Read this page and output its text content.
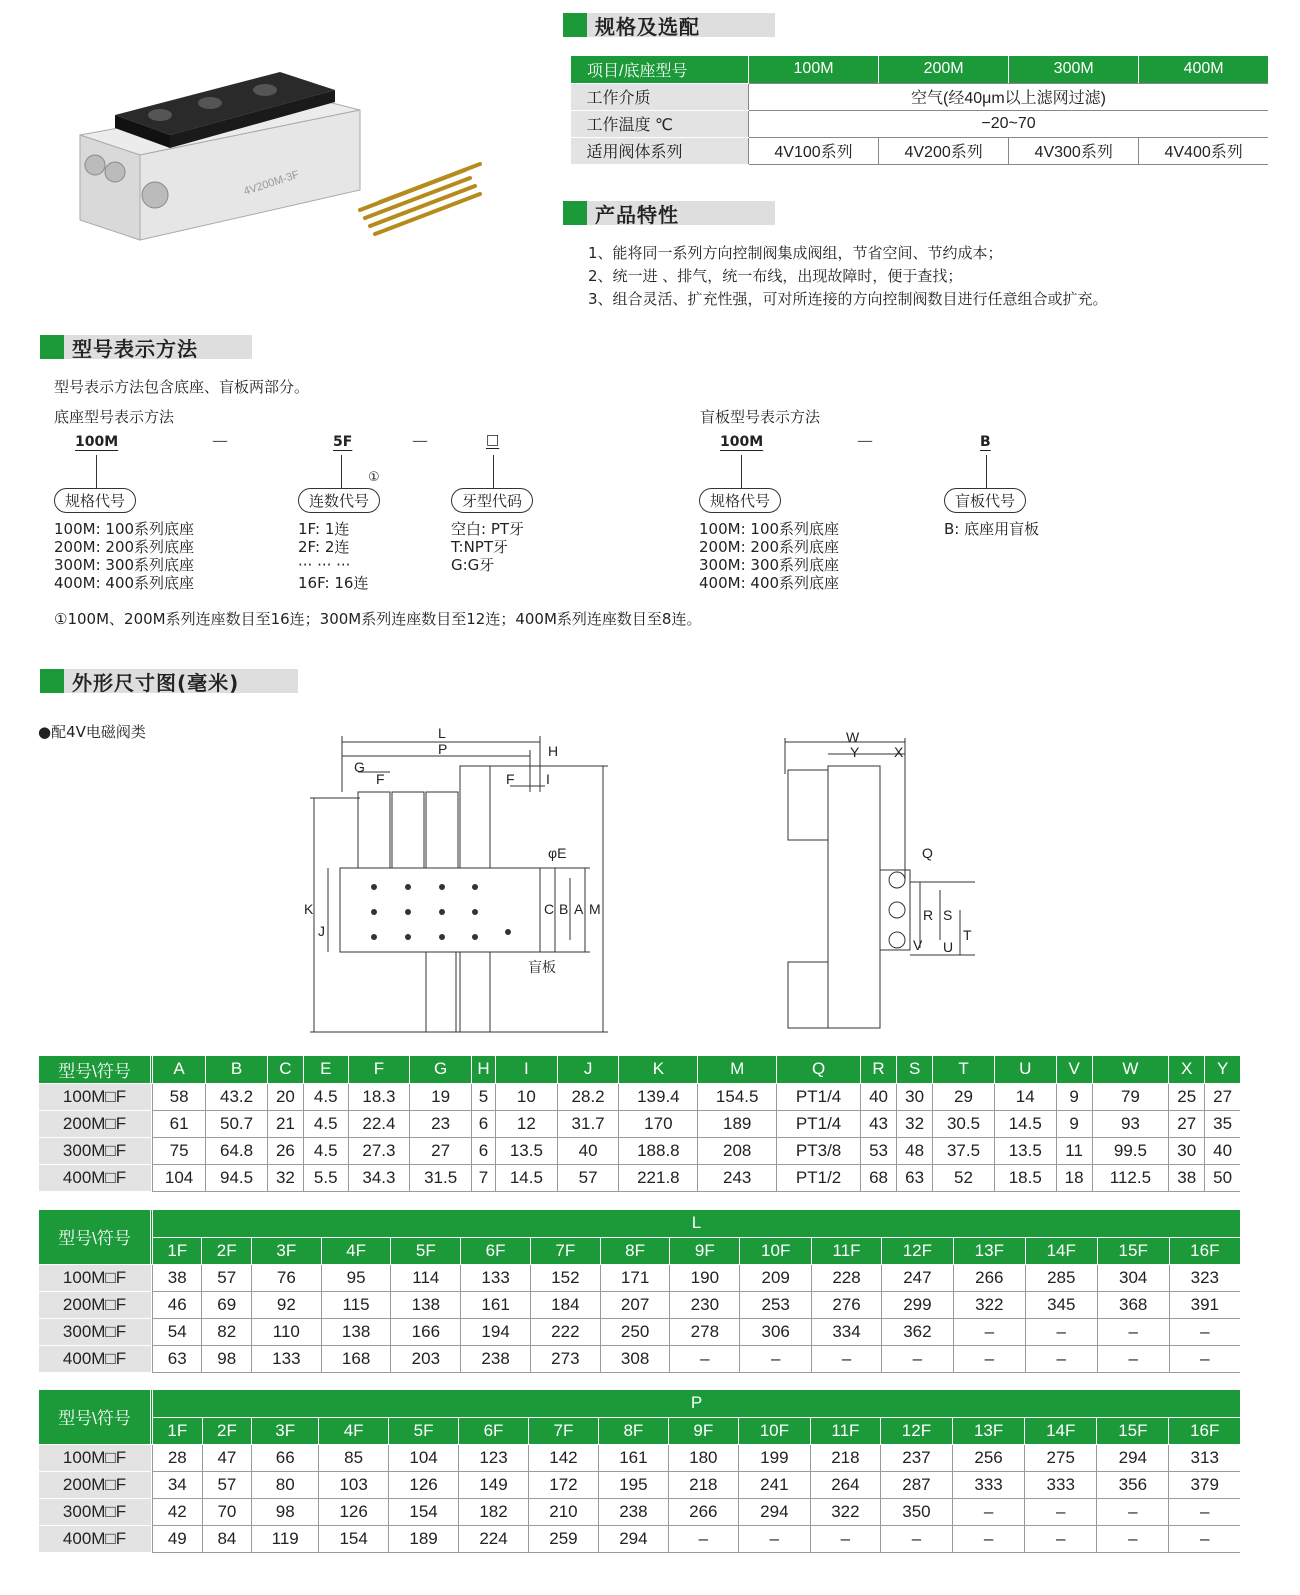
4V200M-3F
规格及选配
项目/底座型号	100M	200M	300M	400M
工作介质	空气(经40μm以上滤网过滤)			
工作温度 ℃	−20~70			
适用阀体系列	4V100系列	4V200系列	4V300系列	4V400系列
产品特性
1、能将同一系列方向控制阀集成阀组，节省空间、节约成本；
2、统一进 、排气，统一布线，出现故障时，便于查找；
3、组合灵活、扩充性强，可对所连接的方向控制阀数目进行任意组合或扩充。
型号表示方法
型号表示方法包含底座、盲板两部分。
底座型号表示方法	盲板型号表示方法
100M	—	5F	—	□
①
规格代号	连数代号	牙型代码
100M: 100系列底座
200M: 200系列底座
300M: 300系列底座
400M: 400系列底座
1F: 1连
2F: 2连
··· ··· ···
16F: 16连
空白: PT牙
T:NPT牙
G:G牙
100M	—	B
规格代号	盲板代号
100M: 100系列底座
200M: 200系列底座
300M: 300系列底座
400M: 400系列底座
B: 底座用盲板
①100M、200M系列连座数目至16连；300M系列连座数目至12连；400M系列连座数目至8连。
外形尺寸图(毫米)
●配4V电磁阀类	L
P	H
G
F	F I
φE
K
J
C B A M
盲板
W
Y X
Q
V
R S
T
U
型号\符号		A	B	C	E	F	G	H	I	J	K	M	Q	R	S	T	U	V	W	X	Y
100M□F		58	43.2	20	4.5	18.3	19	5	10	28.2	139.4	154.5	PT1/4	40	30	29	14	9	79	25	27
200M□F		61	50.7	21	4.5	22.4	23	6	12	31.7	170	189	PT1/4	43	32	30.5	14.5	9	93	27	35
300M□F		75	64.8	26	4.5	27.3	27	6	13.5	40	188.8	208	PT3/8	53	48	37.5	13.5	11	99.5	30	40
400M□F		104	94.5	32	5.5	34.3	31.5	7	14.5	57	221.8	243	PT1/2	68	63	52	18.5	18	112.5	38	50
型号\符号		L															
		1F	2F	3F	4F	5F	6F	7F	8F	9F	10F	11F	12F	13F	14F	15F	16F
100M□F		38	57	76	95	114	133	152	171	190	209	228	247	266	285	304	323
200M□F		46	69	92	115	138	161	184	207	230	253	276	299	322	345	368	391
300M□F		54	82	110	138	166	194	222	250	278	306	334	362	–	–	–	–
400M□F		63	98	133	168	203	238	273	308	–	–	–	–	–	–	–	–
型号\符号		P															
		1F	2F	3F	4F	5F	6F	7F	8F	9F	10F	11F	12F	13F	14F	15F	16F
100M□F		28	47	66	85	104	123	142	161	180	199	218	237	256	275	294	313
200M□F		34	57	80	103	126	149	172	195	218	241	264	287	333	333	356	379
300M□F		42	70	98	126	154	182	210	238	266	294	322	350	–	–	–	–
400M□F		49	84	119	154	189	224	259	294	–	–	–	–	–	–	–	–
